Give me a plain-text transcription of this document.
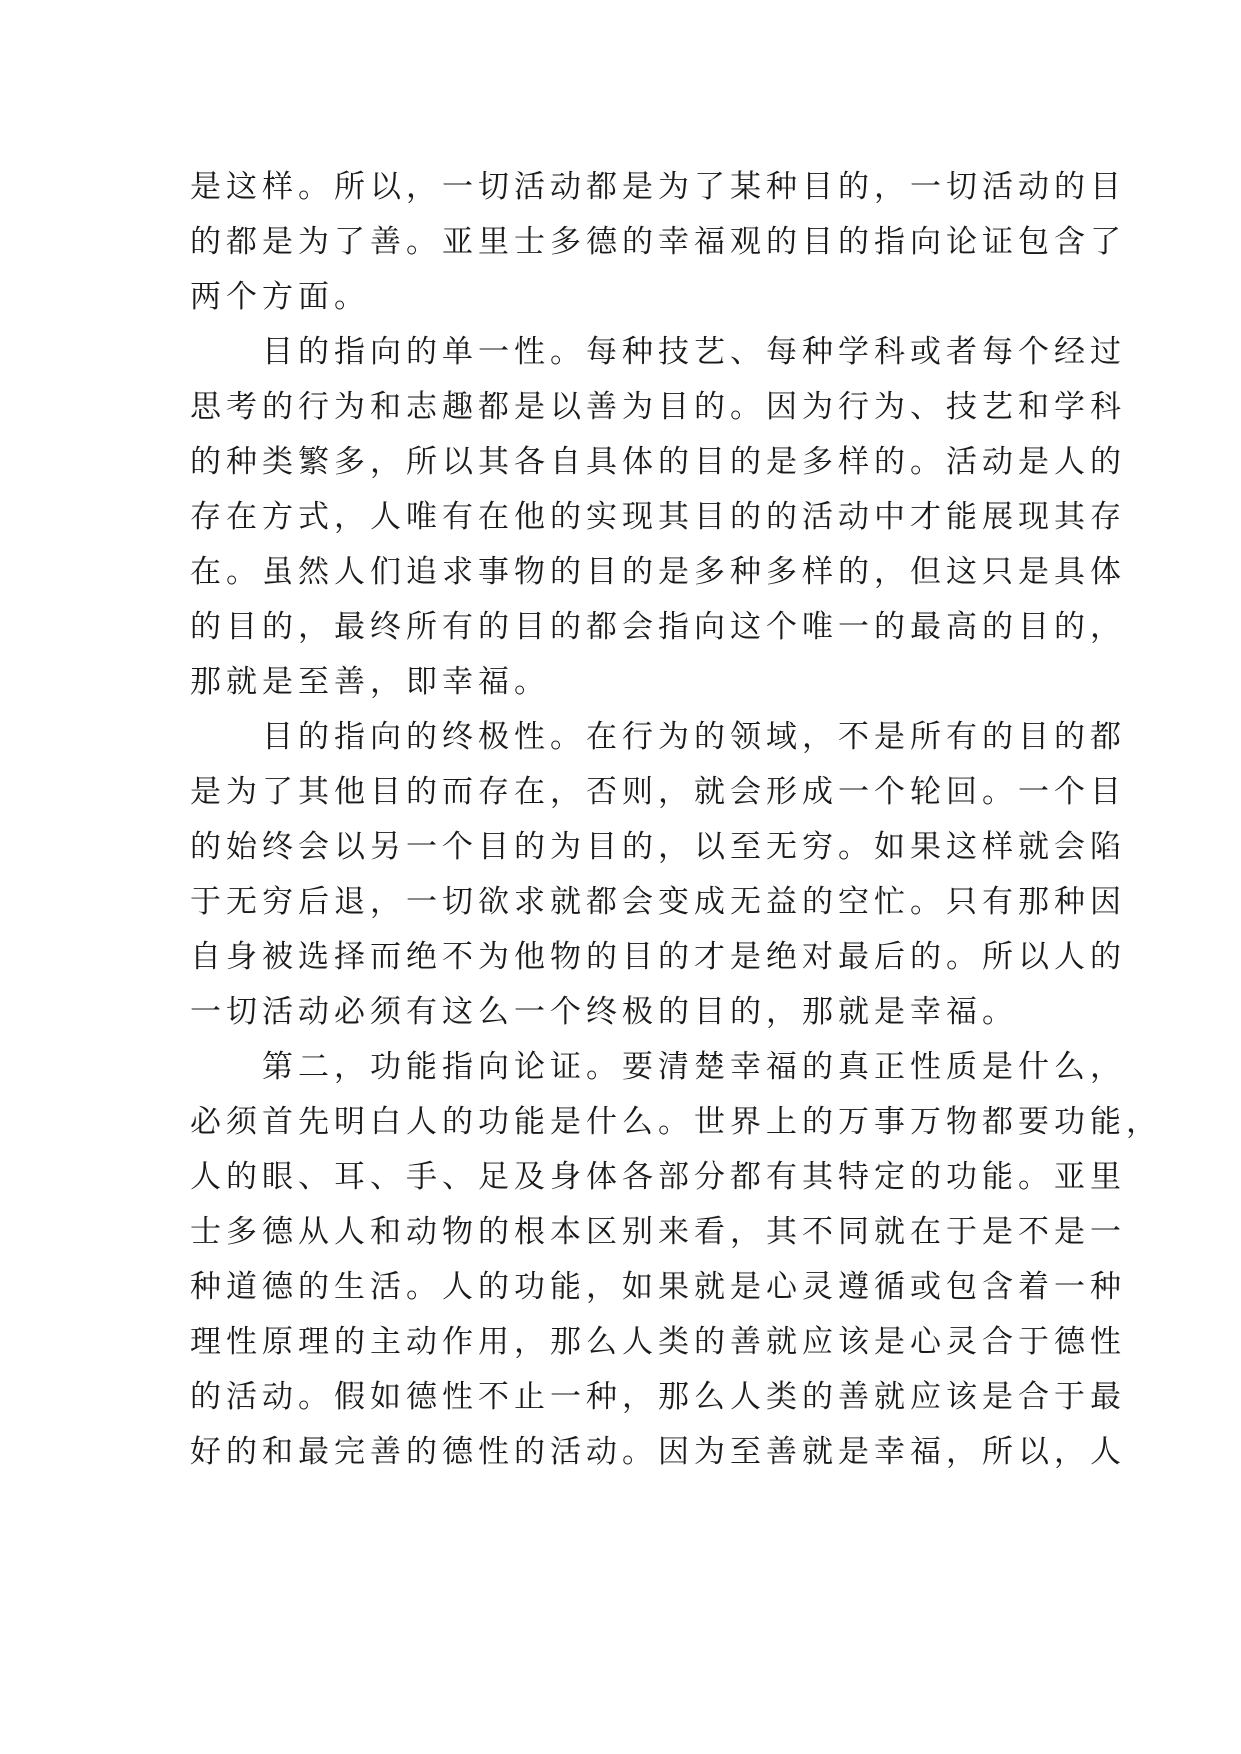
是这样。所以，一切活动都是为了某种目的，一切活动的目
的都是为了善。亚里士多德的幸福观的目的指向论证包含了
两个方面。
　　目的指向的单一性。每种技艺、每种学科或者每个经过
思考的行为和志趣都是以善为目的。因为行为、技艺和学科
的种类繁多，所以其各自具体的目的是多样的。活动是人的
存在方式，人唯有在他的实现其目的的活动中才能展现其存
在。虽然人们追求事物的目的是多种多样的，但这只是具体
的目的，最终所有的目的都会指向这个唯一的最高的目的，
那就是至善，即幸福。
　　目的指向的终极性。在行为的领域，不是所有的目的都
是为了其他目的而存在，否则，就会形成一个轮回。一个目
的始终会以另一个目的为目的，以至无穷。如果这样就会陷
于无穷后退，一切欲求就都会变成无益的空忙。只有那种因
自身被选择而绝不为他物的目的才是绝对最后的。所以人的
一切活动必须有这么一个终极的目的，那就是幸福。
　　第二，功能指向论证。要清楚幸福的真正性质是什么，
必须首先明白人的功能是什么。世界上的万事万物都要功能，
人的眼、耳、手、足及身体各部分都有其特定的功能。亚里
士多德从人和动物的根本区别来看，其不同就在于是不是一
种道德的生活。人的功能，如果就是心灵遵循或包含着一种
理性原理的主动作用，那么人类的善就应该是心灵合于德性
的活动。假如德性不止一种，那么人类的善就应该是合于最
好的和最完善的德性的活动。因为至善就是幸福，所以，人
